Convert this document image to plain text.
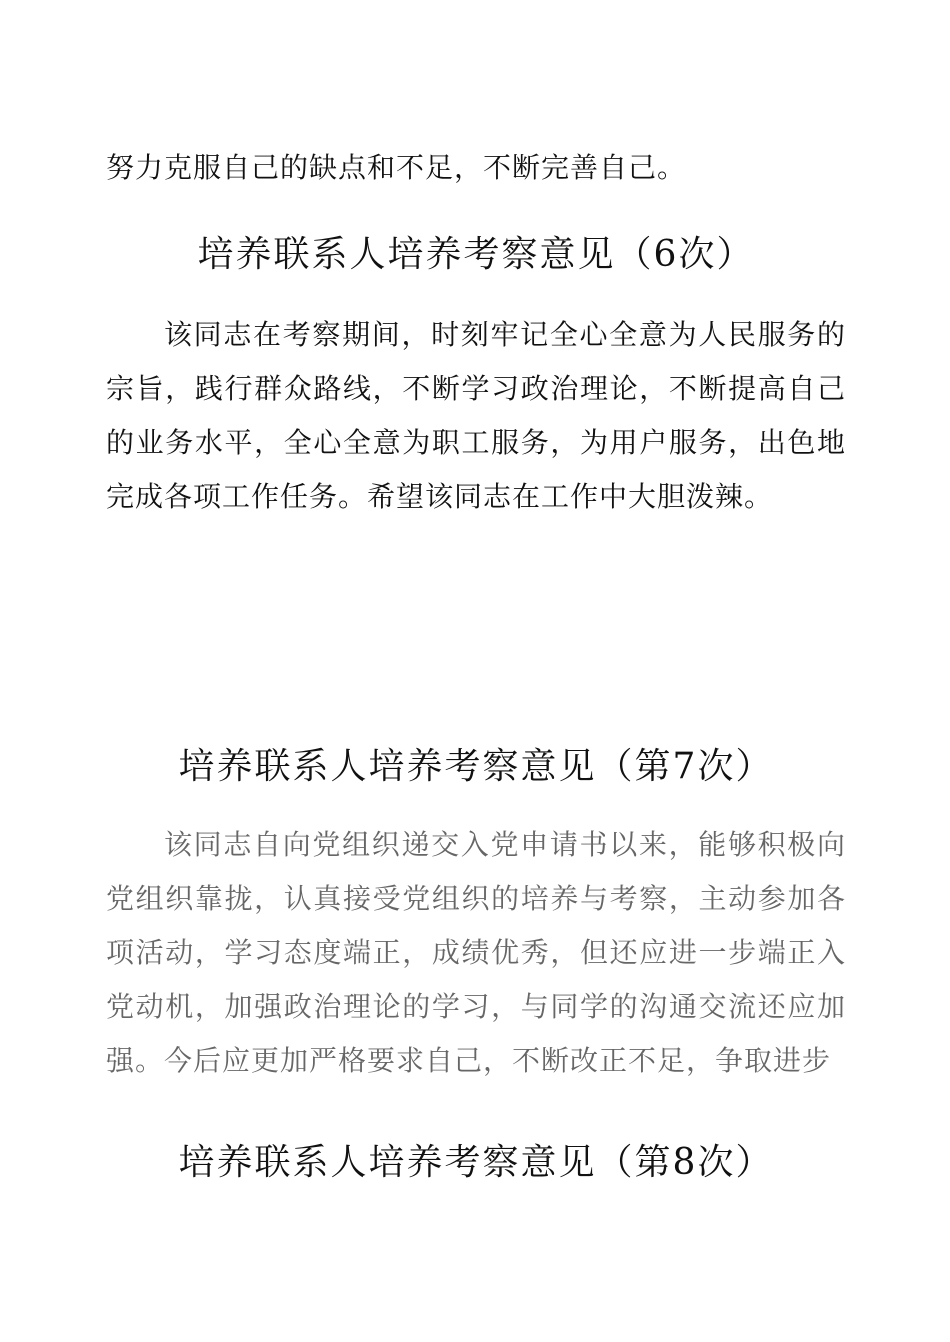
努力克服自己的缺点和不足，不断完善自己。

培养联系人培养考察意见（6次）

该同志在考察期间，时刻牢记全心全意为人民服务的宗旨，践行群众路线，不断学习政治理论，不断提高自己的业务水平，全心全意为职工服务，为用户服务，出色地完成各项工作任务。希望该同志在工作中大胆泼辣。

培养联系人培养考察意见（第7次）

该同志自向党组织递交入党申请书以来，能够积极向党组织靠拢，认真接受党组织的培养与考察，主动参加各项活动，学习态度端正，成绩优秀，但还应进一步端正入党动机，加强政治理论的学习，与同学的沟通交流还应加强。今后应更加严格要求自己，不断改正不足，争取进步

培养联系人培养考察意见（第8次）
